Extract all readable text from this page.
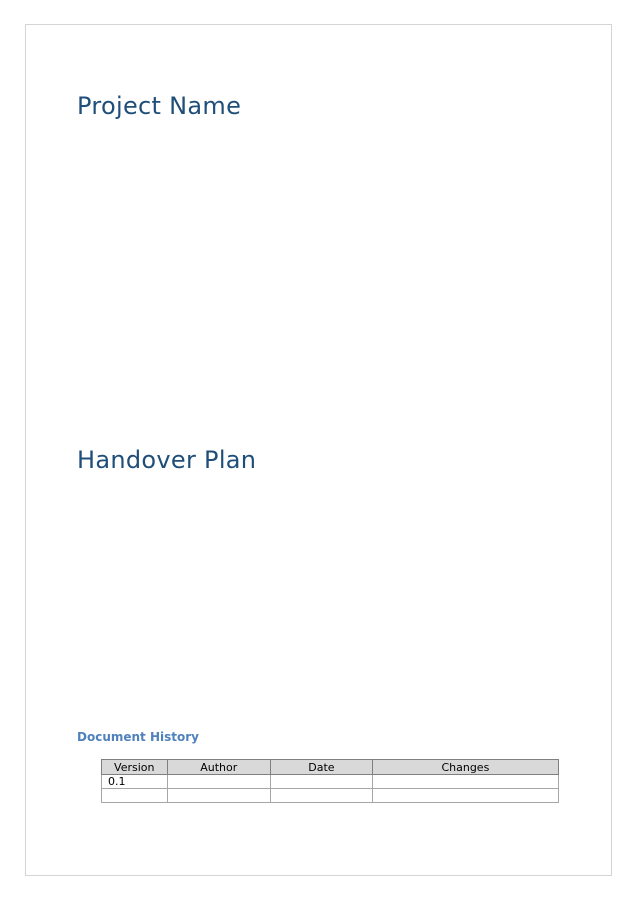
Project Name
Handover Plan
Document History
Version	Author	Date	Changes
0.1			
